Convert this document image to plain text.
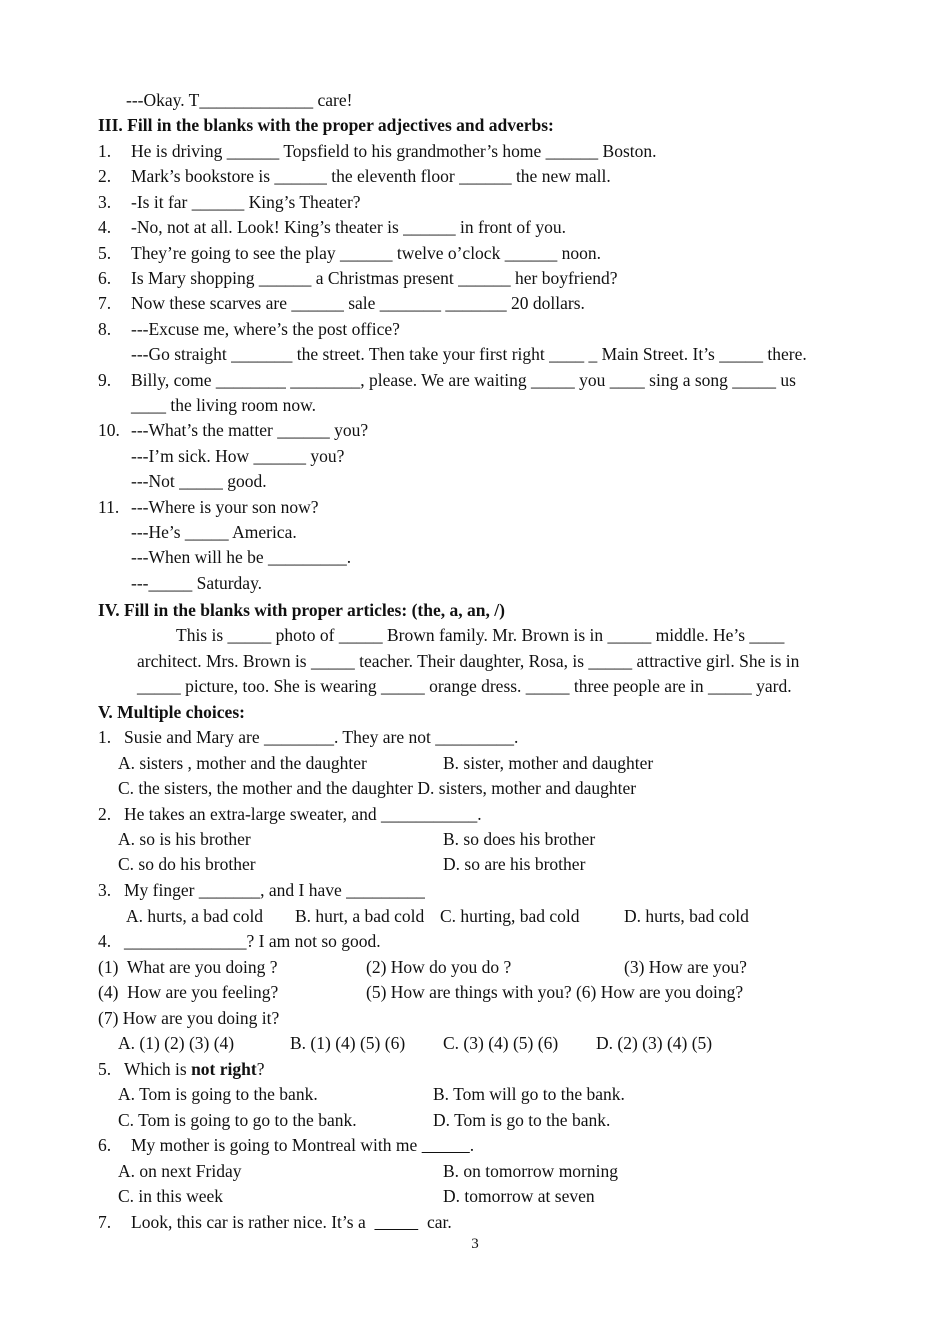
---Okay. T_____________ care!
III. Fill in the blanks with the proper adjectives and adverbs:
1. He is driving ______ Topsfield to his grandmother’s home ______ Boston.
2. Mark’s bookstore is ______ the eleventh floor ______ the new mall.
3. -Is it far ______ King’s Theater?
4. -No, not at all. Look! King’s theater is ______ in front of you.
5. They’re going to see the play ______ twelve o’clock ______ noon.
6. Is Mary shopping ______ a Christmas present ______ her boyfriend?
7. Now these scarves are ______ sale _______ _______ 20 dollars.
8. ---Excuse me, where’s the post office?
---Go straight _______ the street. Then take your first right ____ _ Main Street. It’s _____ there.
9. Billy, come ________ ________, please. We are waiting _____ you ____ sing a song _____ us
____ the living room now.
10. ---What’s the matter ______ you?
---I’m sick. How ______ you?
---Not _____ good.
11. ---Where is your son now?
---He’s _____ America.
---When will he be _________.
---_____ Saturday.
IV. Fill in the blanks with proper articles: (the, a, an, /)
This is _____ photo of _____ Brown family. Mr. Brown is in _____ middle. He’s ____
architect. Mrs. Brown is _____ teacher. Their daughter, Rosa, is _____ attractive girl. She is in
_____ picture, too. She is wearing _____ orange dress. _____ three people are in _____ yard.
V. Multiple choices:
1. Susie and Mary are ________. They are not _________.
A. sisters , mother and the daughter	B. sister, mother and daughter
C. the sisters, the mother and the daughter D. sisters, mother and daughter
2. He takes an extra-large sweater, and ___________.
A. so is his brother	B. so does his brother
C. so do his brother	D. so are his brother
3. My finger _______, and I have _________
A. hurts, a bad cold B. hurt, a bad cold C. hurting, bad cold	D. hurts, bad cold
4. ______________? I am not so good.
(1)  What are you doing ?	(2) How do you do ?	(3) How are you?
(4)  How are you feeling?	(5) How are things with you? (6) How are you doing?
(7) How are you doing it?
A. (1) (2) (3) (4)	B. (1) (4) (5) (6) C. (3) (4) (5) (6) D. (2) (3) (4) (5)
5. Which is not right?
A. Tom is going to the bank.	B. Tom will go to the bank.
C. Tom is going to go to the bank.	D. Tom is go to the bank.
6. My mother is going to Montreal with me	.
A. on next Friday	B. on tomorrow morning
C. in this week	D. tomorrow at seven
7. Look, this car is rather nice. It’s a	car.
3
